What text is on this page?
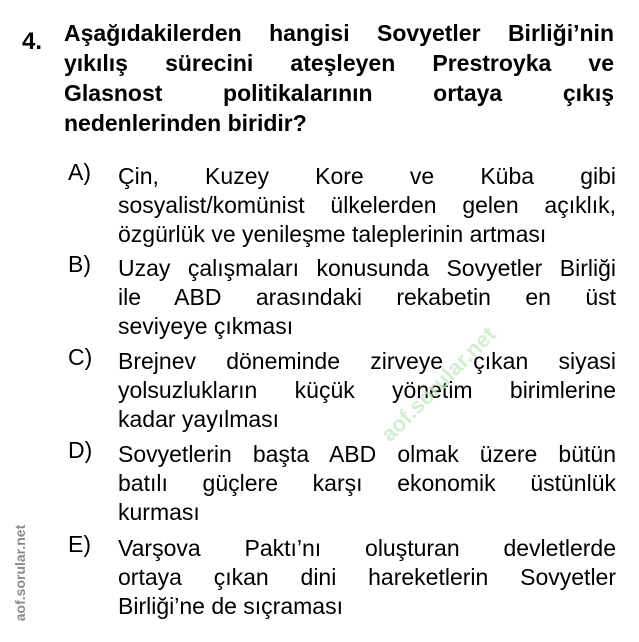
4. Aşağıdakilerden hangisi Sovyetler Birliği’nin
yıkılış sürecini ateşleyen Prestroyka ve
Glasnost politikalarının ortaya çıkış
nedenlerinden biridir?
A)	Çin, Kuzey Kore ve Küba gibi
sosyalist/komünist ülkelerden gelen açıklık,
özgürlük ve yenileşme taleplerinin artması
B)	Uzay çalışmaları konusunda Sovyetler Birliği
ile ABD arasındaki rekabetin en üst
seviyeye çıkması
C)	Brejnev döneminde zirveye çıkan siyasi
yolsuzlukların küçük yönetim birimlerine
kadar yayılması
D)	Sovyetlerin başta ABD olmak üzere bütün
batılı güçlere karşı ekonomik üstünlük
kurması
E)	Varşova Paktı’nı oluşturan devletlerde
ortaya çıkan dini hareketlerin Sovyetler
Birliği’ne de sıçraması
aof.sorular.net
aof.sorular.net
